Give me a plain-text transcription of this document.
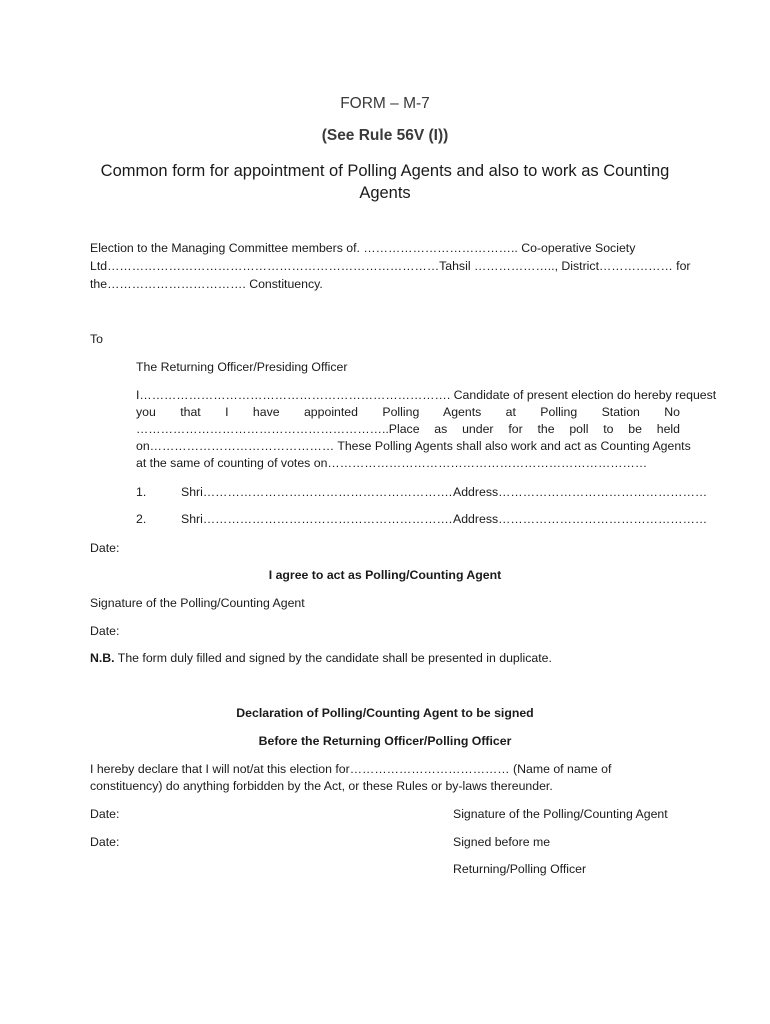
FORM – M-7
(See Rule 56V (I))
Common form for appointment of Polling Agents and also to work as Counting
Agents
Election to the Managing Committee members of. ……………………………….. Co-operative Society
Ltd………………………………………………………………………Tahsil ……………….., District……………… for
the……………………………. Constituency.
To
The Returning Officer/Presiding Officer
I…………………………………………………………………. Candidate of present election do hereby request
you that I have appointed Polling Agents at Polling Station No
……………………………………………………..Place as under for the poll to be held
on……………………………………… These Polling Agents shall also work and act as Counting Agents
at the same of counting of votes on……………………………………………………………………
1.	Shri……………………………………………………. Address……………………………………………
2.	Shri……………………………………………………. Address……………………………………………
Date:
I agree to act as Polling/Counting Agent
Signature of the Polling/Counting Agent
Date:
N.B. The form duly filled and signed by the candidate shall be presented in duplicate.
Declaration of Polling/Counting Agent to be signed
Before the Returning Officer/Polling Officer
I hereby declare that I will not/at this election for………………………………… (Name of name of
constituency) do anything forbidden by the Act, or these Rules or by-laws thereunder.
Date:	Signature of the Polling/Counting Agent
Date:	Signed before me
Returning/Polling Officer
